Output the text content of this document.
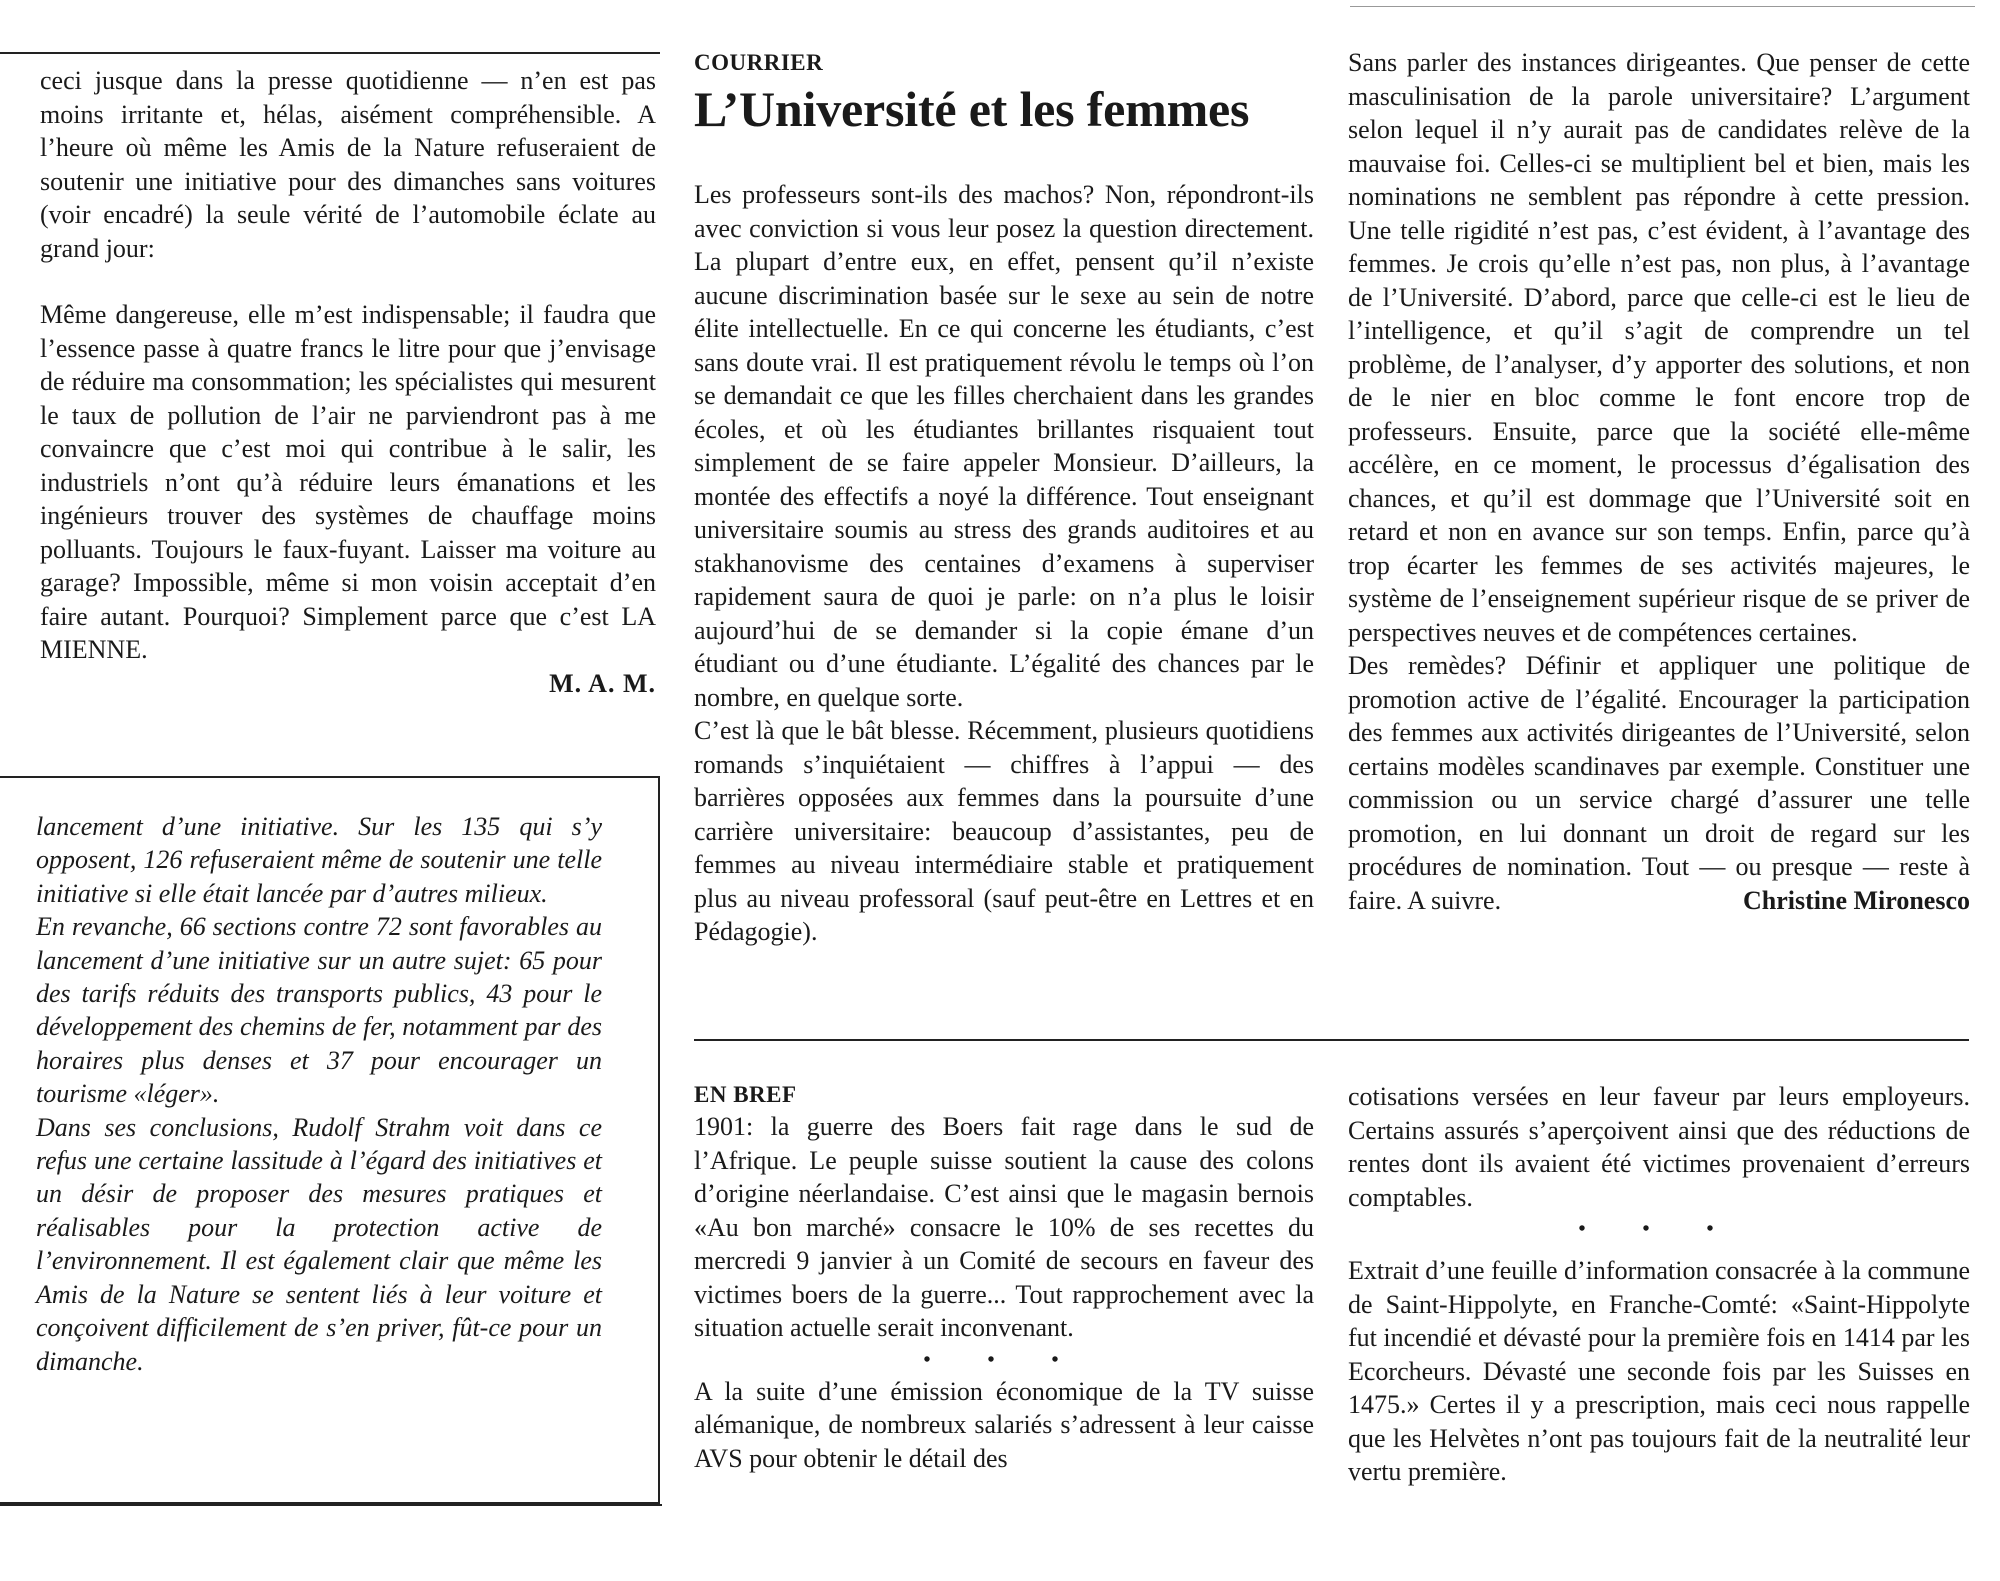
ceci jusque dans la presse quotidienne — n’en est pas moins irritante et, hélas, aisément compréhensible. A l’heure où même les Amis de la Nature refuseraient de soutenir une initiative pour des dimanches sans voitures (voir encadré) la seule vérité de l’automobile éclate au grand jour:

Même dangereuse, elle m’est indispensable; il faudra que l’essence passe à quatre francs le litre pour que j’envisage de réduire ma consommation; les spécialistes qui mesurent le taux de pollution de l’air ne parviendront pas à me convaincre que c’est moi qui contribue à le salir, les industriels n’ont qu’à réduire leurs émanations et les ingénieurs trouver des systèmes de chauffage moins polluants. Toujours le faux-fuyant. Laisser ma voiture au garage? Impossible, même si mon voisin acceptait d’en faire autant. Pourquoi? Simplement parce que c’est LA MIENNE.

M. A. M.

lancement d’une initiative. Sur les 135 qui s’y opposent, 126 refuseraient même de soutenir une telle initiative si elle était lancée par d’autres milieux.

En revanche, 66 sections contre 72 sont favorables au lancement d’une initiative sur un autre sujet: 65 pour des tarifs réduits des transports publics, 43 pour le développement des chemins de fer, notamment par des horaires plus denses et 37 pour encourager un tourisme «léger».

Dans ses conclusions, Rudolf Strahm voit dans ce refus une certaine lassitude à l’égard des initiatives et un désir de proposer des mesures pratiques et réalisables pour la protection active de l’environnement. Il est également clair que même les Amis de la Nature se sentent liés à leur voiture et conçoivent difficilement de s’en priver, fût-ce pour un dimanche.

COURRIER
L’Université et les femmes

Les professeurs sont-ils des machos? Non, répondront-ils avec conviction si vous leur posez la question directement. La plupart d’entre eux, en effet, pensent qu’il n’existe aucune discrimination basée sur le sexe au sein de notre élite intellectuelle. En ce qui concerne les étudiants, c’est sans doute vrai. Il est pratiquement révolu le temps où l’on se demandait ce que les filles cherchaient dans les grandes écoles, et où les étudiantes brillantes risquaient tout simplement de se faire appeler Monsieur. D’ailleurs, la montée des effectifs a noyé la différence. Tout enseignant universitaire soumis au stress des grands auditoires et au stakhanovisme des centaines d’examens à superviser rapidement saura de quoi je parle: on n’a plus le loisir aujourd’hui de se demander si la copie émane d’un étudiant ou d’une étudiante. L’égalité des chances par le nombre, en quelque sorte.

C’est là que le bât blesse. Récemment, plusieurs quotidiens romands s’inquiétaient — chiffres à l’appui — des barrières opposées aux femmes dans la poursuite d’une carrière universitaire: beaucoup d’assistantes, peu de femmes au niveau intermédiaire stable et pratiquement plus au niveau professoral (sauf peut-être en Lettres et en Pédagogie).

Sans parler des instances dirigeantes. Que penser de cette masculinisation de la parole universitaire? L’argument selon lequel il n’y aurait pas de candidates relève de la mauvaise foi. Celles-ci se multiplient bel et bien, mais les nominations ne semblent pas répondre à cette pression. Une telle rigidité n’est pas, c’est évident, à l’avantage des femmes. Je crois qu’elle n’est pas, non plus, à l’avantage de l’Université. D’abord, parce que celle-ci est le lieu de l’intelligence, et qu’il s’agit de comprendre un tel problème, de l’analyser, d’y apporter des solutions, et non de le nier en bloc comme le font encore trop de professeurs. Ensuite, parce que la société elle-même accélère, en ce moment, le processus d’égalisation des chances, et qu’il est dommage que l’Université soit en retard et non en avance sur son temps. Enfin, parce qu’à trop écarter les femmes de ses activités majeures, le système de l’enseignement supérieur risque de se priver de perspectives neuves et de compétences certaines.

Des remèdes? Définir et appliquer une politique de promotion active de l’égalité. Encourager la participation des femmes aux activités dirigeantes de l’Université, selon certains modèles scandinaves par exemple. Constituer une commission ou un service chargé d’assurer une telle promotion, en lui donnant un droit de regard sur les procédures de nomination. Tout — ou presque — reste à faire. A suivre.	Christine Mironesco

EN BREF

1901: la guerre des Boers fait rage dans le sud de l’Afrique. Le peuple suisse soutient la cause des colons d’origine néerlandaise. C’est ainsi que le magasin bernois «Au bon marché» consacre le 10% de ses recettes du mercredi 9 janvier à un Comité de secours en faveur des victimes boers de la guerre... Tout rapprochement avec la situation actuelle serait inconvenant.

• • •

A la suite d’une émission économique de la TV suisse alémanique, de nombreux salariés s’adressent à leur caisse AVS pour obtenir le détail des

cotisations versées en leur faveur par leurs employeurs. Certains assurés s’aperçoivent ainsi que des réductions de rentes dont ils avaient été victimes provenaient d’erreurs comptables.

• • •

Extrait d’une feuille d’information consacrée à la commune de Saint-Hippolyte, en Franche-Comté: «Saint-Hippolyte fut incendié et dévasté pour la première fois en 1414 par les Ecorcheurs. Dévasté une seconde fois par les Suisses en 1475.» Certes il y a prescription, mais ceci nous rappelle que les Helvètes n’ont pas toujours fait de la neutralité leur vertu première.
